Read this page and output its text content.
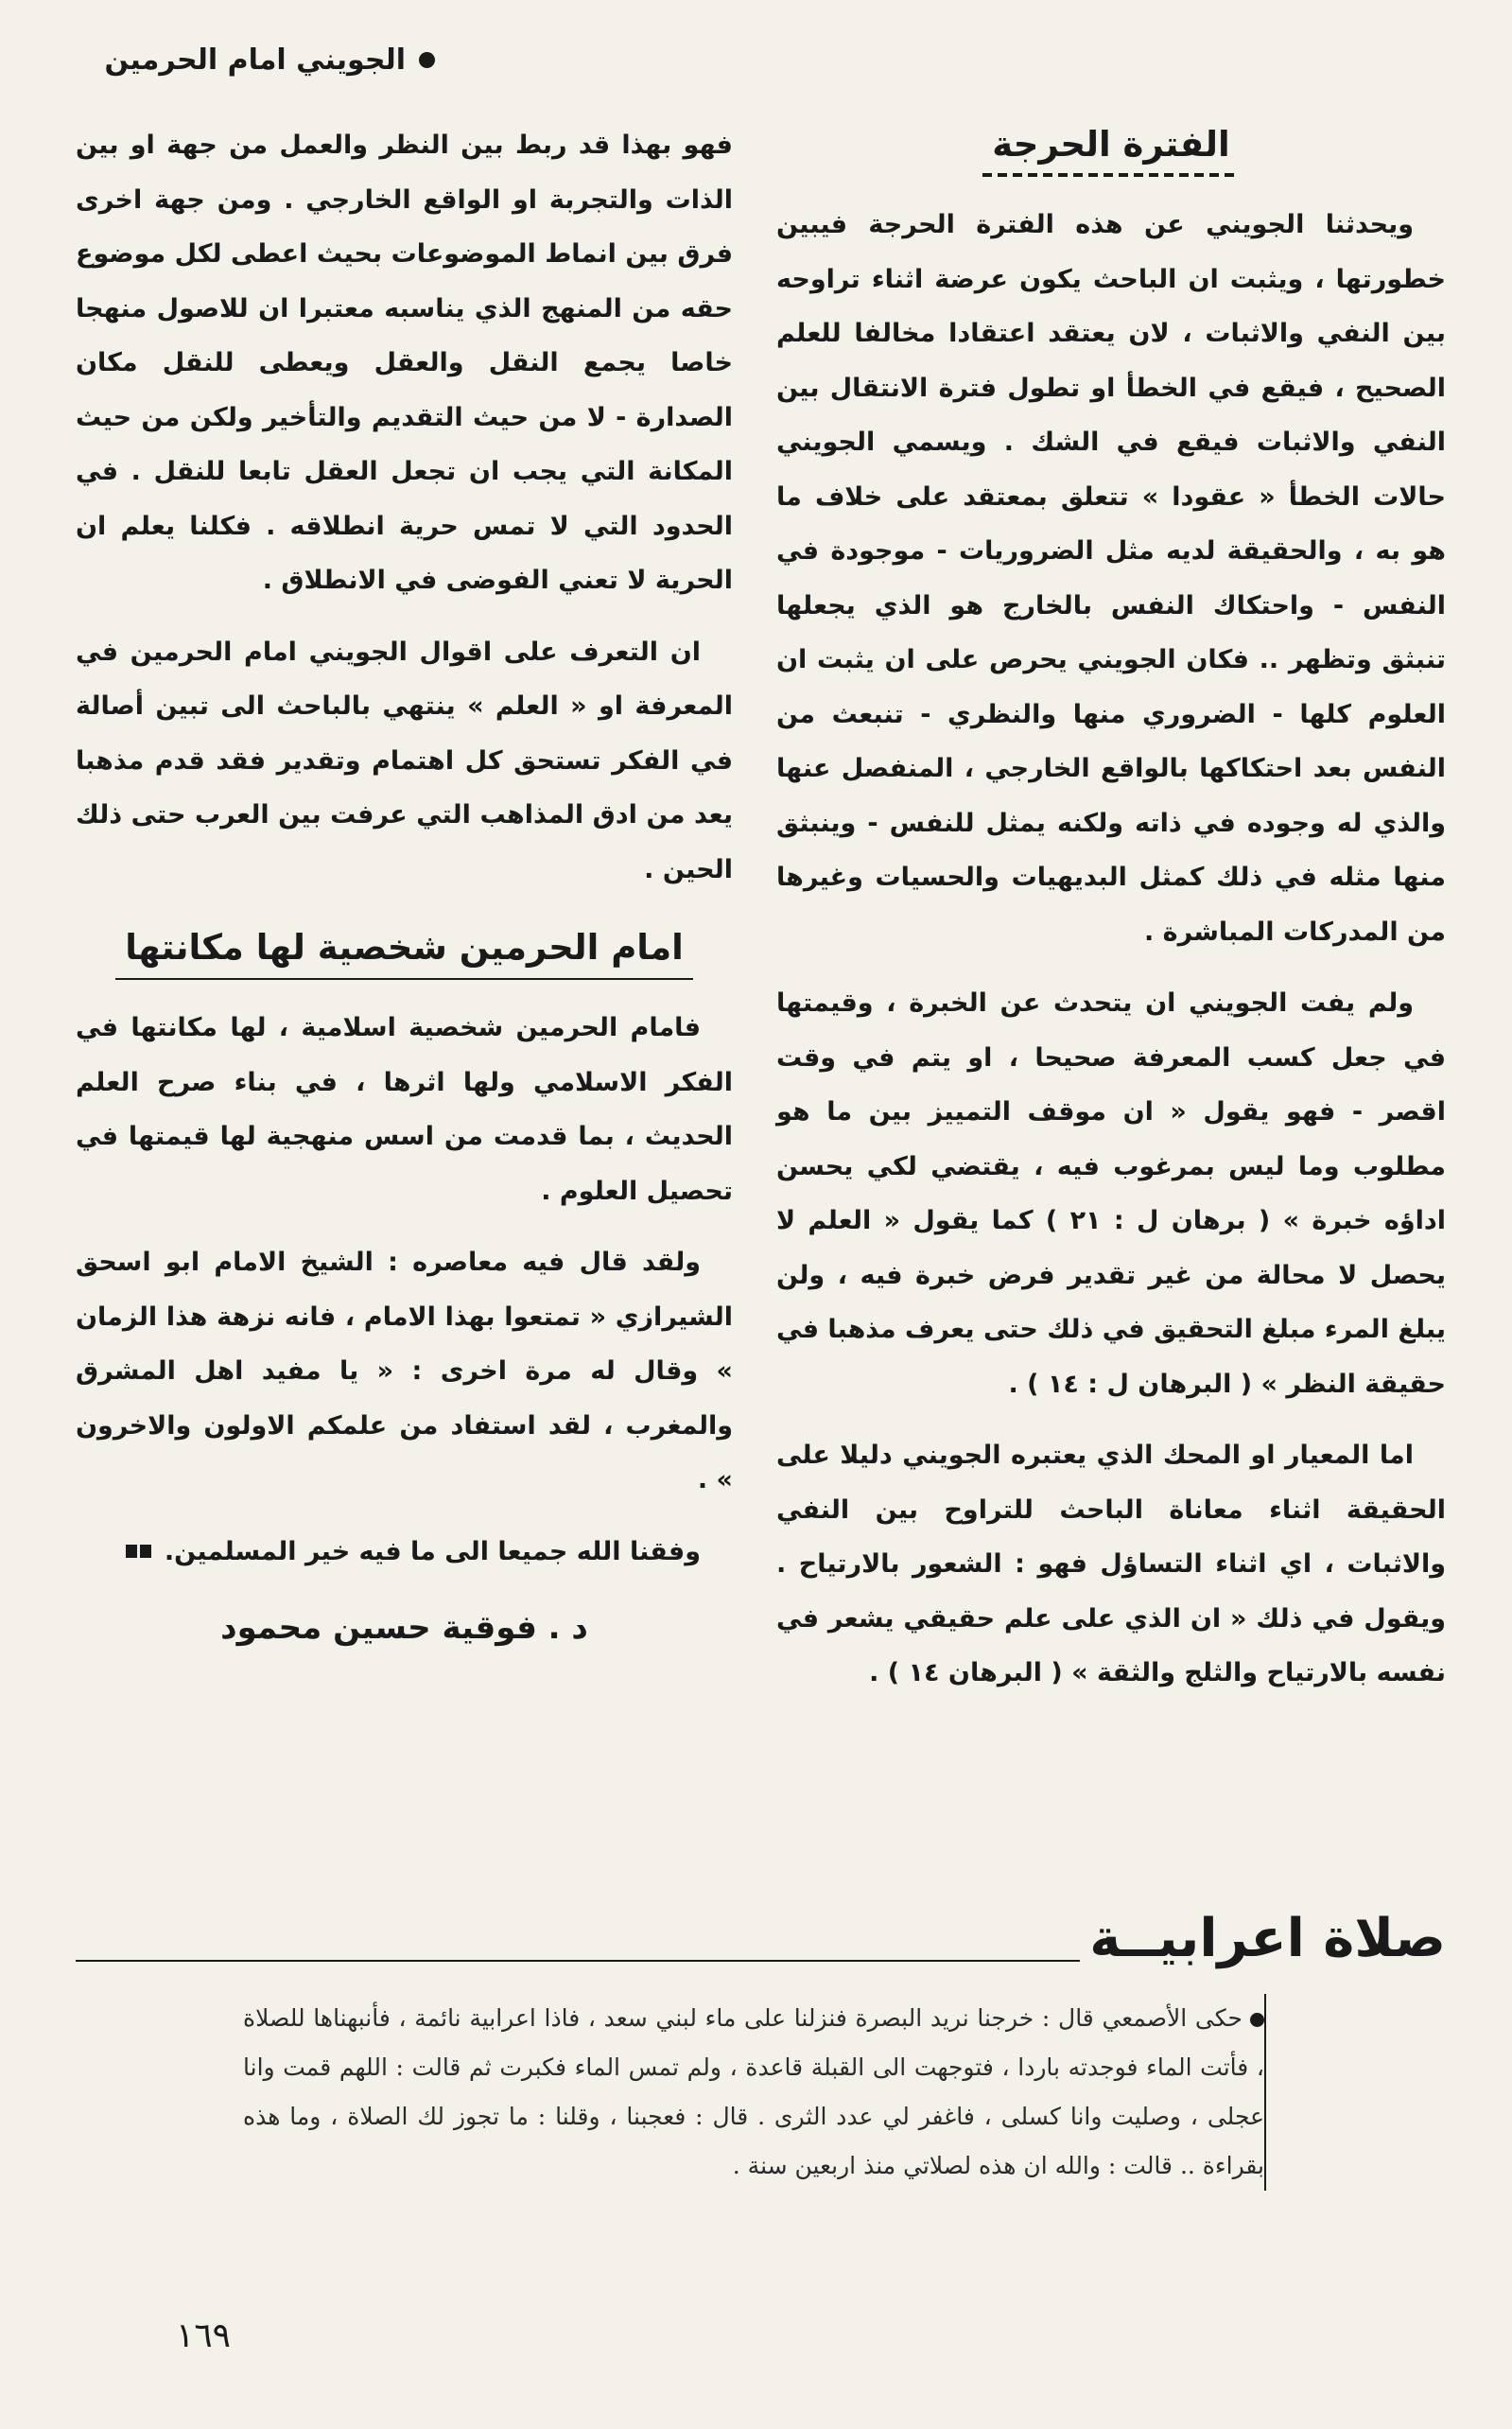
الجويني امام الحرمين
الفترة الحرجة

ويحدثنا الجويني عن هذه الفترة الحرجة فيبين خطورتها ، ويثبت ان الباحث يكون عرضة اثناء تراوحه بين النفي والاثبات ، لان يعتقد اعتقادا مخالفا للعلم الصحيح ، فيقع في الخطأ او تطول فترة الانتقال بين النفي والاثبات فيقع في الشك . ويسمي الجويني حالات الخطأ « عقودا » تتعلق بمعتقد على خلاف ما هو به ، والحقيقة لديه مثل الضروريات - موجودة في النفس - واحتكاك النفس بالخارج هو الذي يجعلها تنبثق وتظهر .. فكان الجويني يحرص على ان يثبت ان العلوم كلها - الضروري منها والنظري - تنبعث من النفس بعد احتكاكها بالواقع الخارجي ، المنفصل عنها والذي له وجوده في ذاته ولكنه يمثل للنفس - وينبثق منها مثله في ذلك كمثل البديهيات والحسيات وغيرها من المدركات المباشرة .

ولم يفت الجويني ان يتحدث عن الخبرة ، وقيمتها في جعل كسب المعرفة صحيحا ، او يتم في وقت اقصر - فهو يقول « ان موقف التمييز بين ما هو مطلوب وما ليس بمرغوب فيه ، يقتضي لكي يحسن اداؤه خبرة » ( برهان ل : ٢١ ) كما يقول « العلم لا يحصل لا محالة من غير تقدير فرض خبرة فيه ، ولن يبلغ المرء مبلغ التحقيق في ذلك حتى يعرف مذهبا في حقيقة النظر » ( البرهان ل : ١٤ ) .

اما المعيار او المحك الذي يعتبره الجويني دليلا على الحقيقة اثناء معاناة الباحث للتراوح بين النفي والاثبات ، اي اثناء التساؤل فهو : الشعور بالارتياح . ويقول في ذلك « ان الذي على علم حقيقي يشعر في نفسه بالارتياح والثلج والثقة » ( البرهان ١٤ ) .

فهو بهذا قد ربط بين النظر والعمل من جهة او بين الذات والتجربة او الواقع الخارجي . ومن جهة اخرى فرق بين انماط الموضوعات بحيث اعطى لكل موضوع حقه من المنهج الذي يناسبه معتبرا ان للاصول منهجا خاصا يجمع النقل والعقل ويعطى للنقل مكان الصدارة - لا من حيث التقديم والتأخير ولكن من حيث المكانة التي يجب ان تجعل العقل تابعا للنقل . في الحدود التي لا تمس حرية انطلاقه . فكلنا يعلم ان الحرية لا تعني الفوضى في الانطلاق .

ان التعرف على اقوال الجويني امام الحرمين في المعرفة او « العلم » ينتهي بالباحث الى تبين أصالة في الفكر تستحق كل اهتمام وتقدير فقد قدم مذهبا يعد من ادق المذاهب التي عرفت بين العرب حتى ذلك الحين .

امام الحرمين شخصية لها مكانتها

فامام الحرمين شخصية اسلامية ، لها مكانتها في الفكر الاسلامي ولها اثرها ، في بناء صرح العلم الحديث ، بما قدمت من اسس منهجية لها قيمتها في تحصيل العلوم .

ولقد قال فيه معاصره : الشيخ الامام ابو اسحق الشيرازي « تمتعوا بهذا الامام ، فانه نزهة هذا الزمان » وقال له مرة اخرى : « يا مفيد اهل المشرق والمغرب ، لقد استفاد من علمكم الاولون والاخرون » .

وفقنا الله جميعا الى ما فيه خير المسلمين.

د . فوقية حسين محمود
صلاة اعرابيــة
حكى الأصمعي قال : خرجنا نريد البصرة فنزلنا على ماء لبني سعد ، فاذا اعرابية نائمة ، فأنبهناها للصلاة ، فأتت الماء فوجدته باردا ، فتوجهت الى القبلة قاعدة ، ولم تمس الماء فكبرت ثم قالت : اللهم قمت وانا عجلى ، وصليت وانا كسلى ، فاغفر لي عدد الثرى . قال : فعجبنا ، وقلنا : ما تجوز لك الصلاة ، وما هذه بقراءة .. قالت : والله ان هذه لصلاتي منذ اربعين سنة .
١٦٩
